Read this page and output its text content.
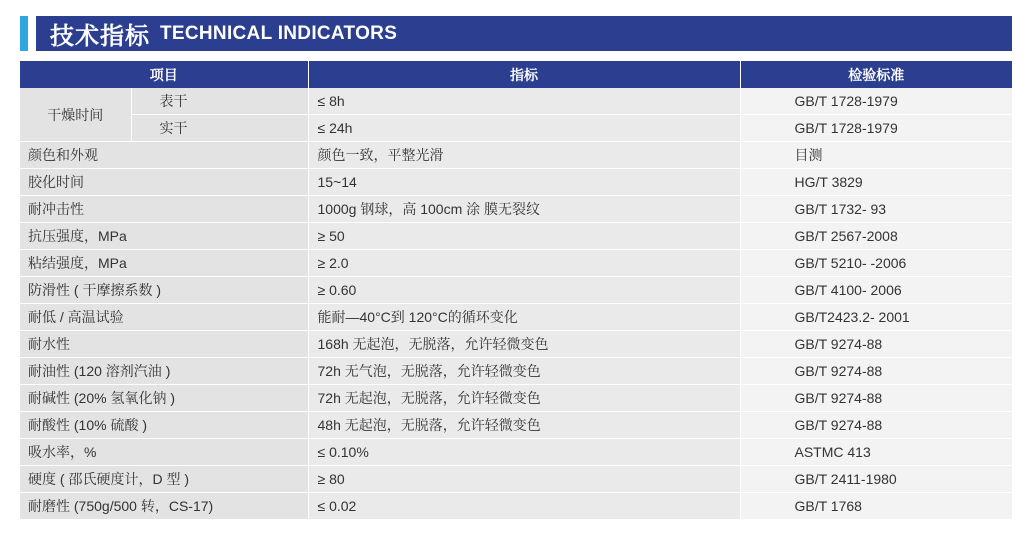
技术指标 TECHNICAL INDICATORS
项目		指标	检验标准
干燥时间	表干	≤ 8h	GB/T 1728-1979
	实干	≤ 24h	GB/T 1728-1979
颜色和外观		颜色一致，平整光滑	目测
胶化时间		15~14	HG/T 3829
耐冲击性		1000g 钢球，高 100cm 涂 膜无裂纹	GB/T 1732- 93
抗压强度，MPa		≥ 50	GB/T 2567-2008
粘结强度，MPa		≥ 2.0	GB/T 5210- -2006
防滑性 ( 干摩擦系数 )		≥ 0.60	GB/T 4100- 2006
耐低 / 高温试验		能耐—40°C到 120°C的循环变化	GB/T2423.2- 2001
耐水性		168h 无起泡，无脱落，允许轻微变色	GB/T 9274-88
耐油性 (120 溶剂汽油 )		72h 无气泡，无脱落，允许轻微变色	GB/T 9274-88
耐碱性 (20% 氢氧化钠 )		72h 无起泡，无脱落，允许轻微变色	GB/T 9274-88
耐酸性 (10% 硫酸 )		48h 无起泡，无脱落，允许轻微变色	GB/T 9274-88
吸水率，%		≤ 0.10%	ASTMC 413
硬度 ( 邵氏硬度计，D 型 )		≥ 80	GB/T 2411-1980
耐磨性 (750g/500 转，CS-17)		≤ 0.02	GB/T 1768
